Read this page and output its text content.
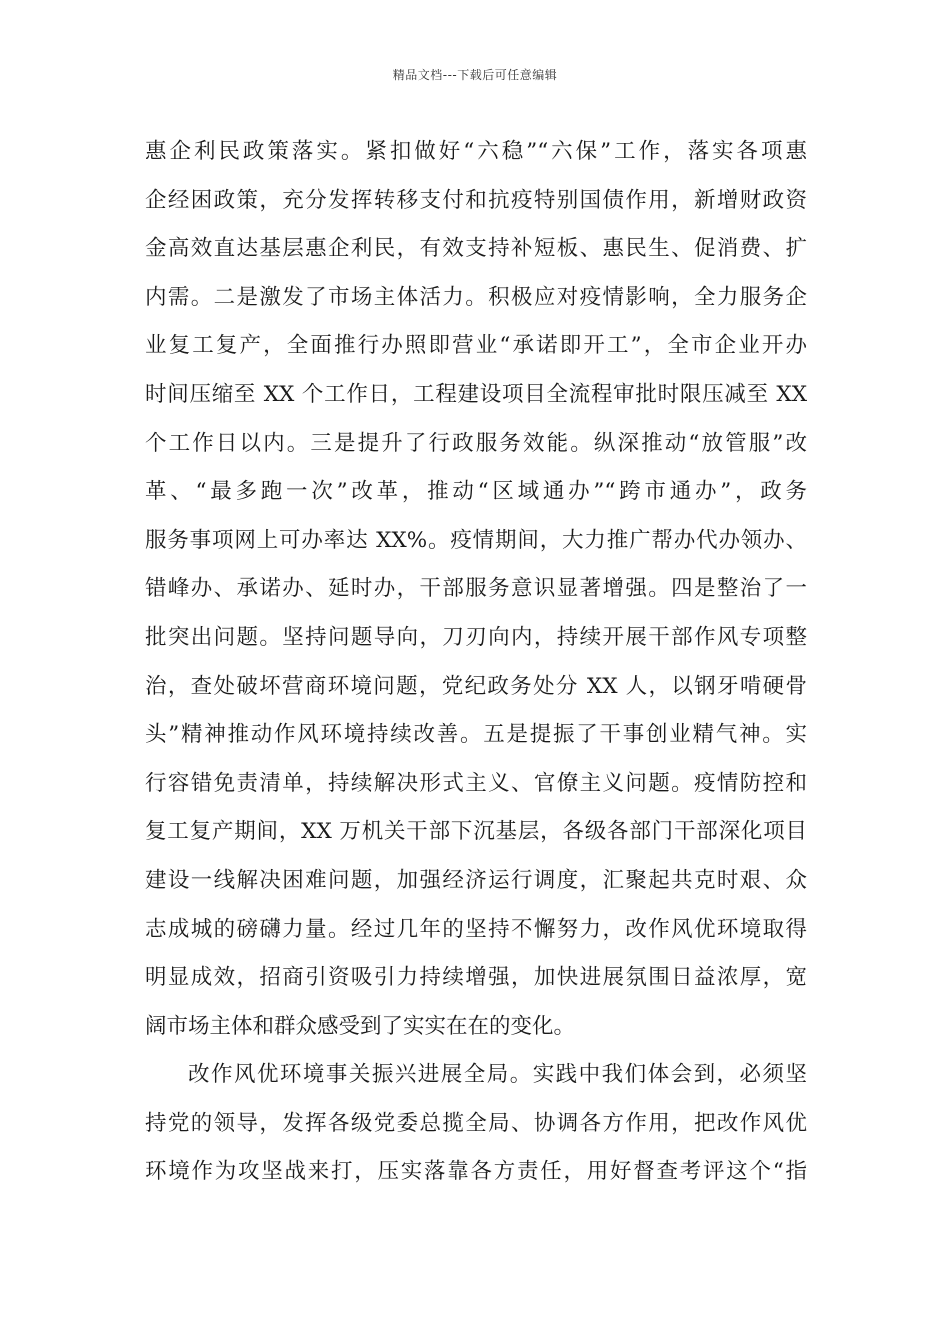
精品文档---下载后可任意编辑
惠企利民政策落实。紧扣做好“六稳”“六保”工作，落实各项惠
企经困政策，充分发挥转移支付和抗疫特别国债作用，新增财政资
金高效直达基层惠企利民，有效支持补短板、惠民生、促消费、扩
内需。二是激发了市场主体活力。积极应对疫情影响，全力服务企
业复工复产，全面推行办照即营业“承诺即开工”，全市企业开办
时间压缩至 XX 个工作日，工程建设项目全流程审批时限压减至 XX
个工作日以内。三是提升了行政服务效能。纵深推动“放管服”改
革、“最多跑一次”改革，推动“区域通办”“跨市通办”，政务
服务事项网上可办率达 XX%。疫情期间，大力推广帮办代办领办、
错峰办、承诺办、延时办，干部服务意识显著增强。四是整治了一
批突出问题。坚持问题导向，刀刃向内，持续开展干部作风专项整
治，查处破坏营商环境问题，党纪政务处分 XX 人，以钢牙啃硬骨
头”精神推动作风环境持续改善。五是提振了干事创业精气神。实
行容错免责清单，持续解决形式主义、官僚主义问题。疫情防控和
复工复产期间，XX 万机关干部下沉基层，各级各部门干部深化项目
建设一线解决困难问题，加强经济运行调度，汇聚起共克时艰、众
志成城的磅礴力量。经过几年的坚持不懈努力，改作风优环境取得
明显成效，招商引资吸引力持续增强，加快进展氛围日益浓厚，宽
阔市场主体和群众感受到了实实在在的变化。
改作风优环境事关振兴进展全局。实践中我们体会到，必须坚
持党的领导，发挥各级党委总揽全局、协调各方作用，把改作风优
环境作为攻坚战来打，压实落靠各方责任，用好督查考评这个“指
